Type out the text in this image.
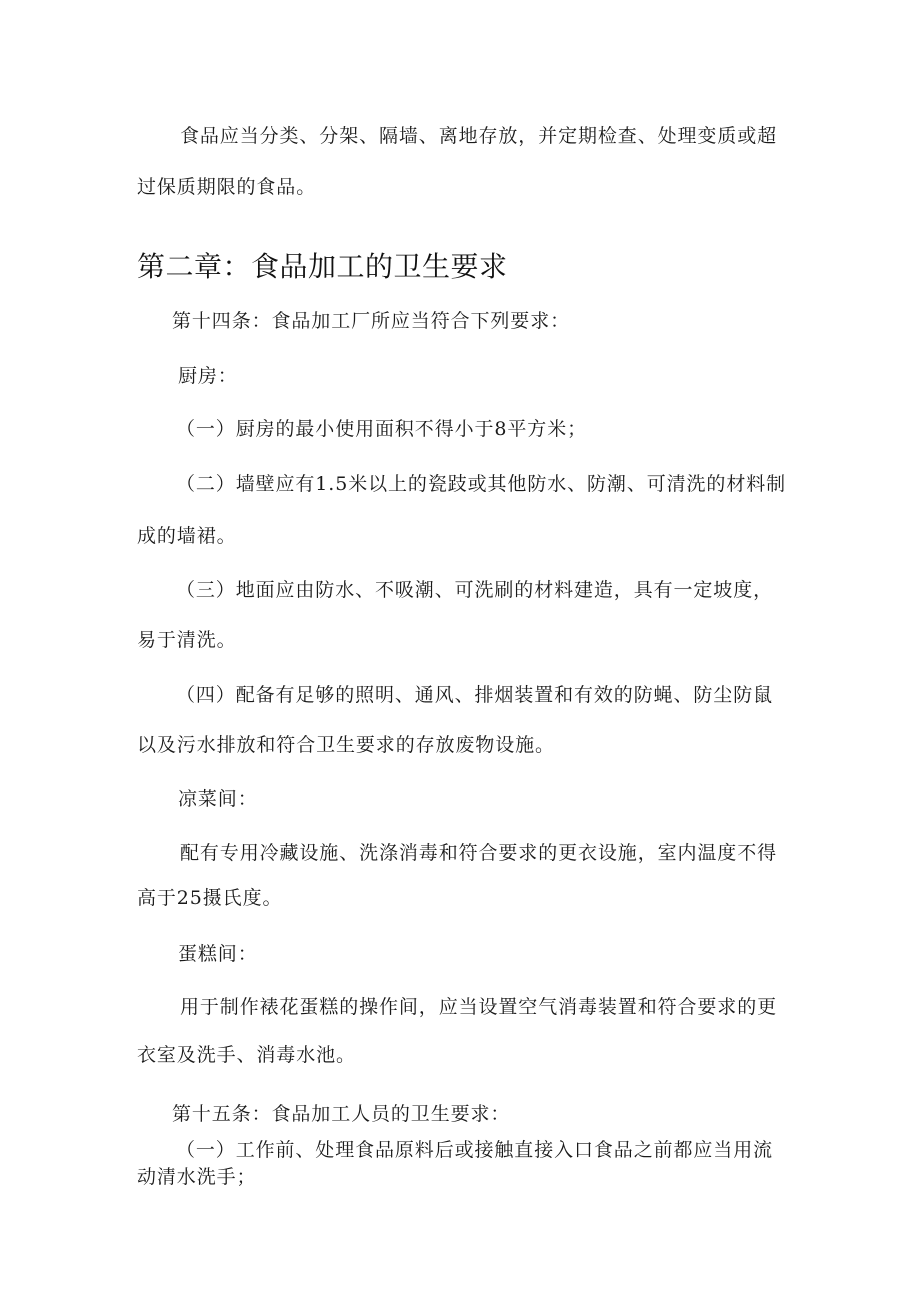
食品应当分类、分架、隔墙、离地存放，并定期检查、处理变质或超
过保质期限的食品。
第二章：食品加工的卫生要求
第十四条：食品加工厂所应当符合下列要求：
厨房：
（一）厨房的最小使用面积不得小于8平方米；
（二）墙壁应有1.5米以上的瓷跂或其他防水、防潮、可清洗的材料制
成的墙裙。
（三）地面应由防水、不吸潮、可洗刷的材料建造，具有一定坡度，
易于清洗。
（四）配备有足够的照明、通风、排烟装置和有效的防蝇、防尘防鼠
以及污水排放和符合卫生要求的存放废物设施。
凉菜间：
配有专用冷藏设施、洗涤消毒和符合要求的更衣设施，室内温度不得
高于25摄氏度。
蛋糕间：
用于制作裱花蛋糕的操作间，应当设置空气消毒装置和符合要求的更
衣室及洗手、消毒水池。
第十五条：食品加工人员的卫生要求：
（一）工作前、处理食品原料后或接触直接入口食品之前都应当用流
动清水洗手；
